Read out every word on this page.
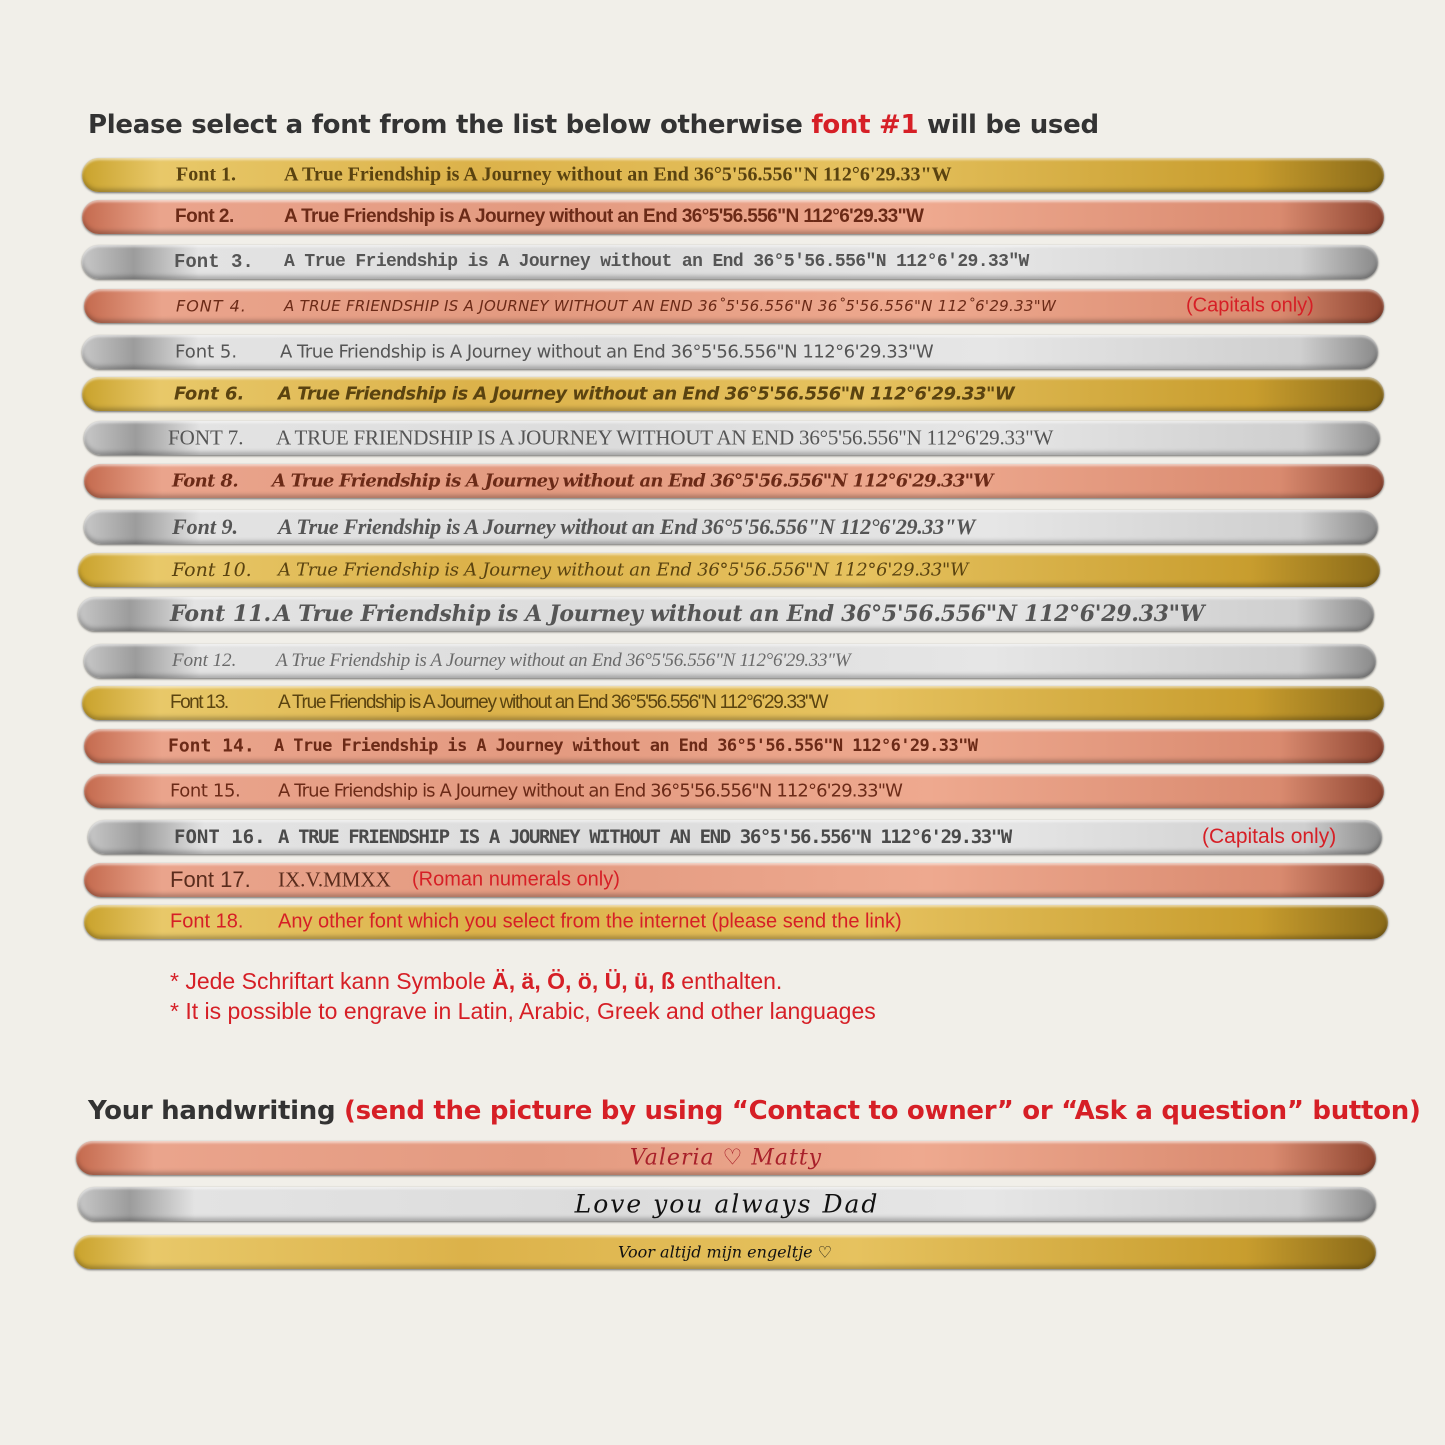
Please select a font from the list below otherwise font #1 will be used
Font 1. A True Friendship is A Journey without an End 36°5'56.556"N 112°6'29.33"W
Font 2.	A True Friendship is A Journey without an End 36°5'56.556"N 112°6'29.33"W
Font 3. A True Friendship is A Journey without an End 36°5'56.556"N 112°6'29.33"W
FONT 4. A TRUE FRIENDSHIP IS A JOURNEY WITHOUT AN END 36˚5'56.556"N 36˚5'56.556"N 112˚6'29.33"W	(Capitals only)
Font 5. A True Friendship is A Journey without an End 36°5'56.556"N 112°6'29.33"W
Font 6. A True Friendship is A Journey without an End 36°5'56.556"N 112°6'29.33"W
FONT 7. A TRUE FRIENDSHIP IS A JOURNEY WITHOUT AN END 36°5'56.556"N 112°6'29.33"W
Font 8. A True Friendship is A Journey without an End 36°5'56.556"N 112°6'29.33"W
Font 9. A True Friendship is A Journey without an End 36°5'56.556"N 112°6'29.33"W
Font 10. A True Friendship is A Journey without an End 36°5'56.556"N 112°6'29.33"W
Font 11. A True Friendship is A Journey without an End 36°5'56.556"N 112°6'29.33"W
Font 12. A True Friendship is A Journey without an End 36°5'56.556"N 112°6'29.33"W
Font 13.	A True Friendship is A Journey without an End 36°5'56.556"N 112°6'29.33"W
Font 14. A True Friendship is A Journey without an End 36°5'56.556"N 112°6'29.33"W
Font 15. A True Friendship is A Journey without an End 36°5'56.556"N 112°6'29.33"W
FONT 16. A TRUE FRIENDSHIP IS A JOURNEY WITHOUT AN END 36°5'56.556"N 112°6'29.33"W	(Capitals only)
Font 17. IX.V.MMXX (Roman numerals only)
Font 18. Any other font which you select from the internet (please send the link)
* Jede Schriftart kann Symbole Ä, ä, Ö, ö, Ü, ü, ß enthalten.
* It is possible to engrave in Latin, Arabic, Greek and other languages
Your handwriting (send the picture by using “Contact to owner” or “Ask a question” button)
Valeria ♡ Matty
Love you always Dad
Voor altijd mijn engeltje ♡
